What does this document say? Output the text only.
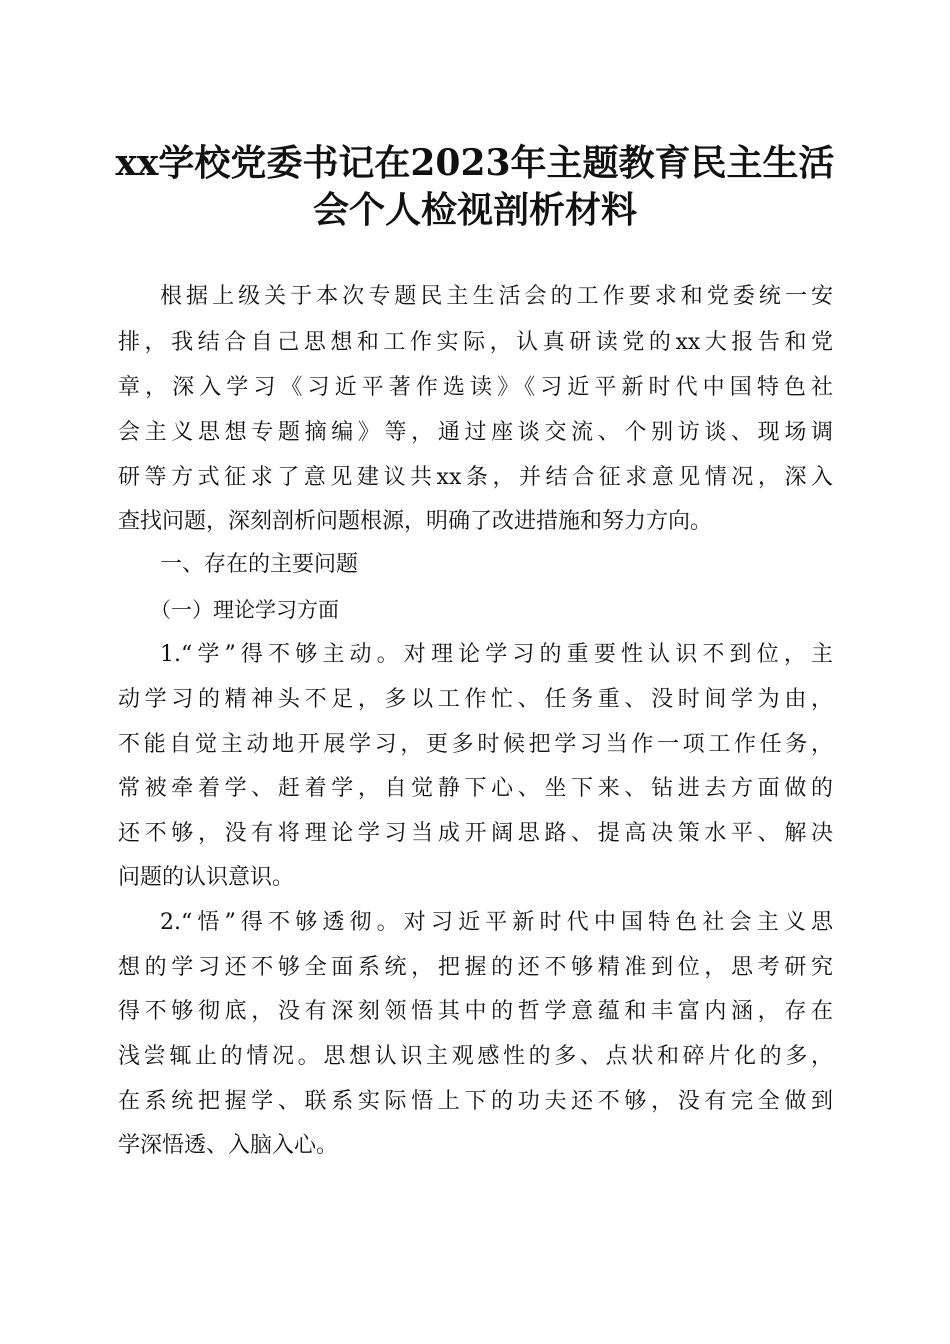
xx学校党委书记在2023年主题教育民主生活
会个人检视剖析材料
根据上级关于本次专题民主生活会的工作要求和党委统一安
排，我结合自己思想和工作实际，认真研读党的xx大报告和党
章，深入学习《习近平著作选读》《习近平新时代中国特色社
会主义思想专题摘编》等，通过座谈交流、个别访谈、现场调
研等方式征求了意见建议共xx条，并结合征求意见情况，深入
查找问题，深刻剖析问题根源，明确了改进措施和努力方向。
一、存在的主要问题
（一）理论学习方面
1.“学”得不够主动。对理论学习的重要性认识不到位，主
动学习的精神头不足，多以工作忙、任务重、没时间学为由，
不能自觉主动地开展学习，更多时候把学习当作一项工作任务，
常被牵着学、赶着学，自觉静下心、坐下来、钻进去方面做的
还不够，没有将理论学习当成开阔思路、提高决策水平、解决
问题的认识意识。
2.“悟”得不够透彻。对习近平新时代中国特色社会主义思
想的学习还不够全面系统，把握的还不够精准到位，思考研究
得不够彻底，没有深刻领悟其中的哲学意蕴和丰富内涵，存在
浅尝辄止的情况。思想认识主观感性的多、点状和碎片化的多，
在系统把握学、联系实际悟上下的功夫还不够，没有完全做到
学深悟透、入脑入心。
